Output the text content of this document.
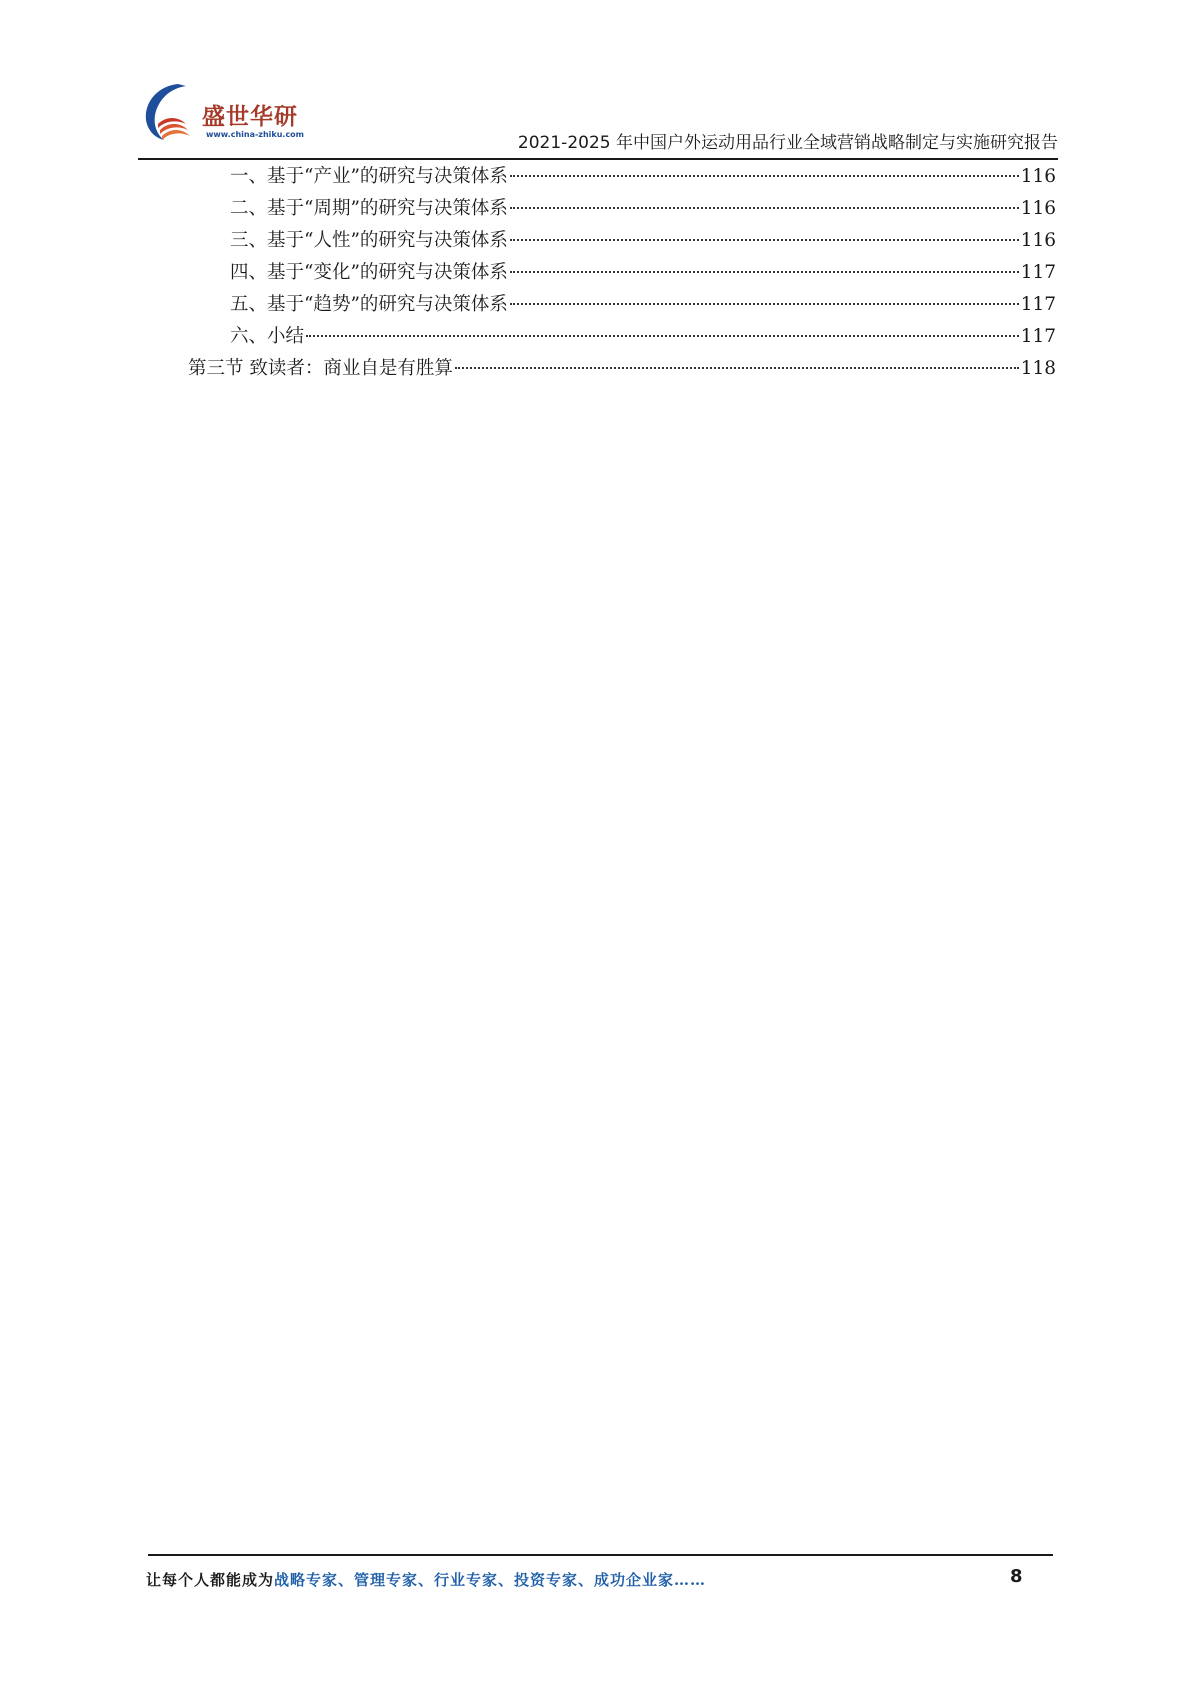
盛世华研
www.china-zhiku.com	2021-2025 年中国户外运动用品行业全域营销战略制定与实施研究报告
一、基于“产业”的研究与决策体系	116
二、基于“周期”的研究与决策体系	116
三、基于“人性”的研究与决策体系	116
四、基于“变化”的研究与决策体系	117
五、基于“趋势”的研究与决策体系	117
六、小结	117
第三节 致读者：商业自是有胜算	118
让每个人都能成为战略专家、管理专家、行业专家、投资专家、成功企业家……	8
